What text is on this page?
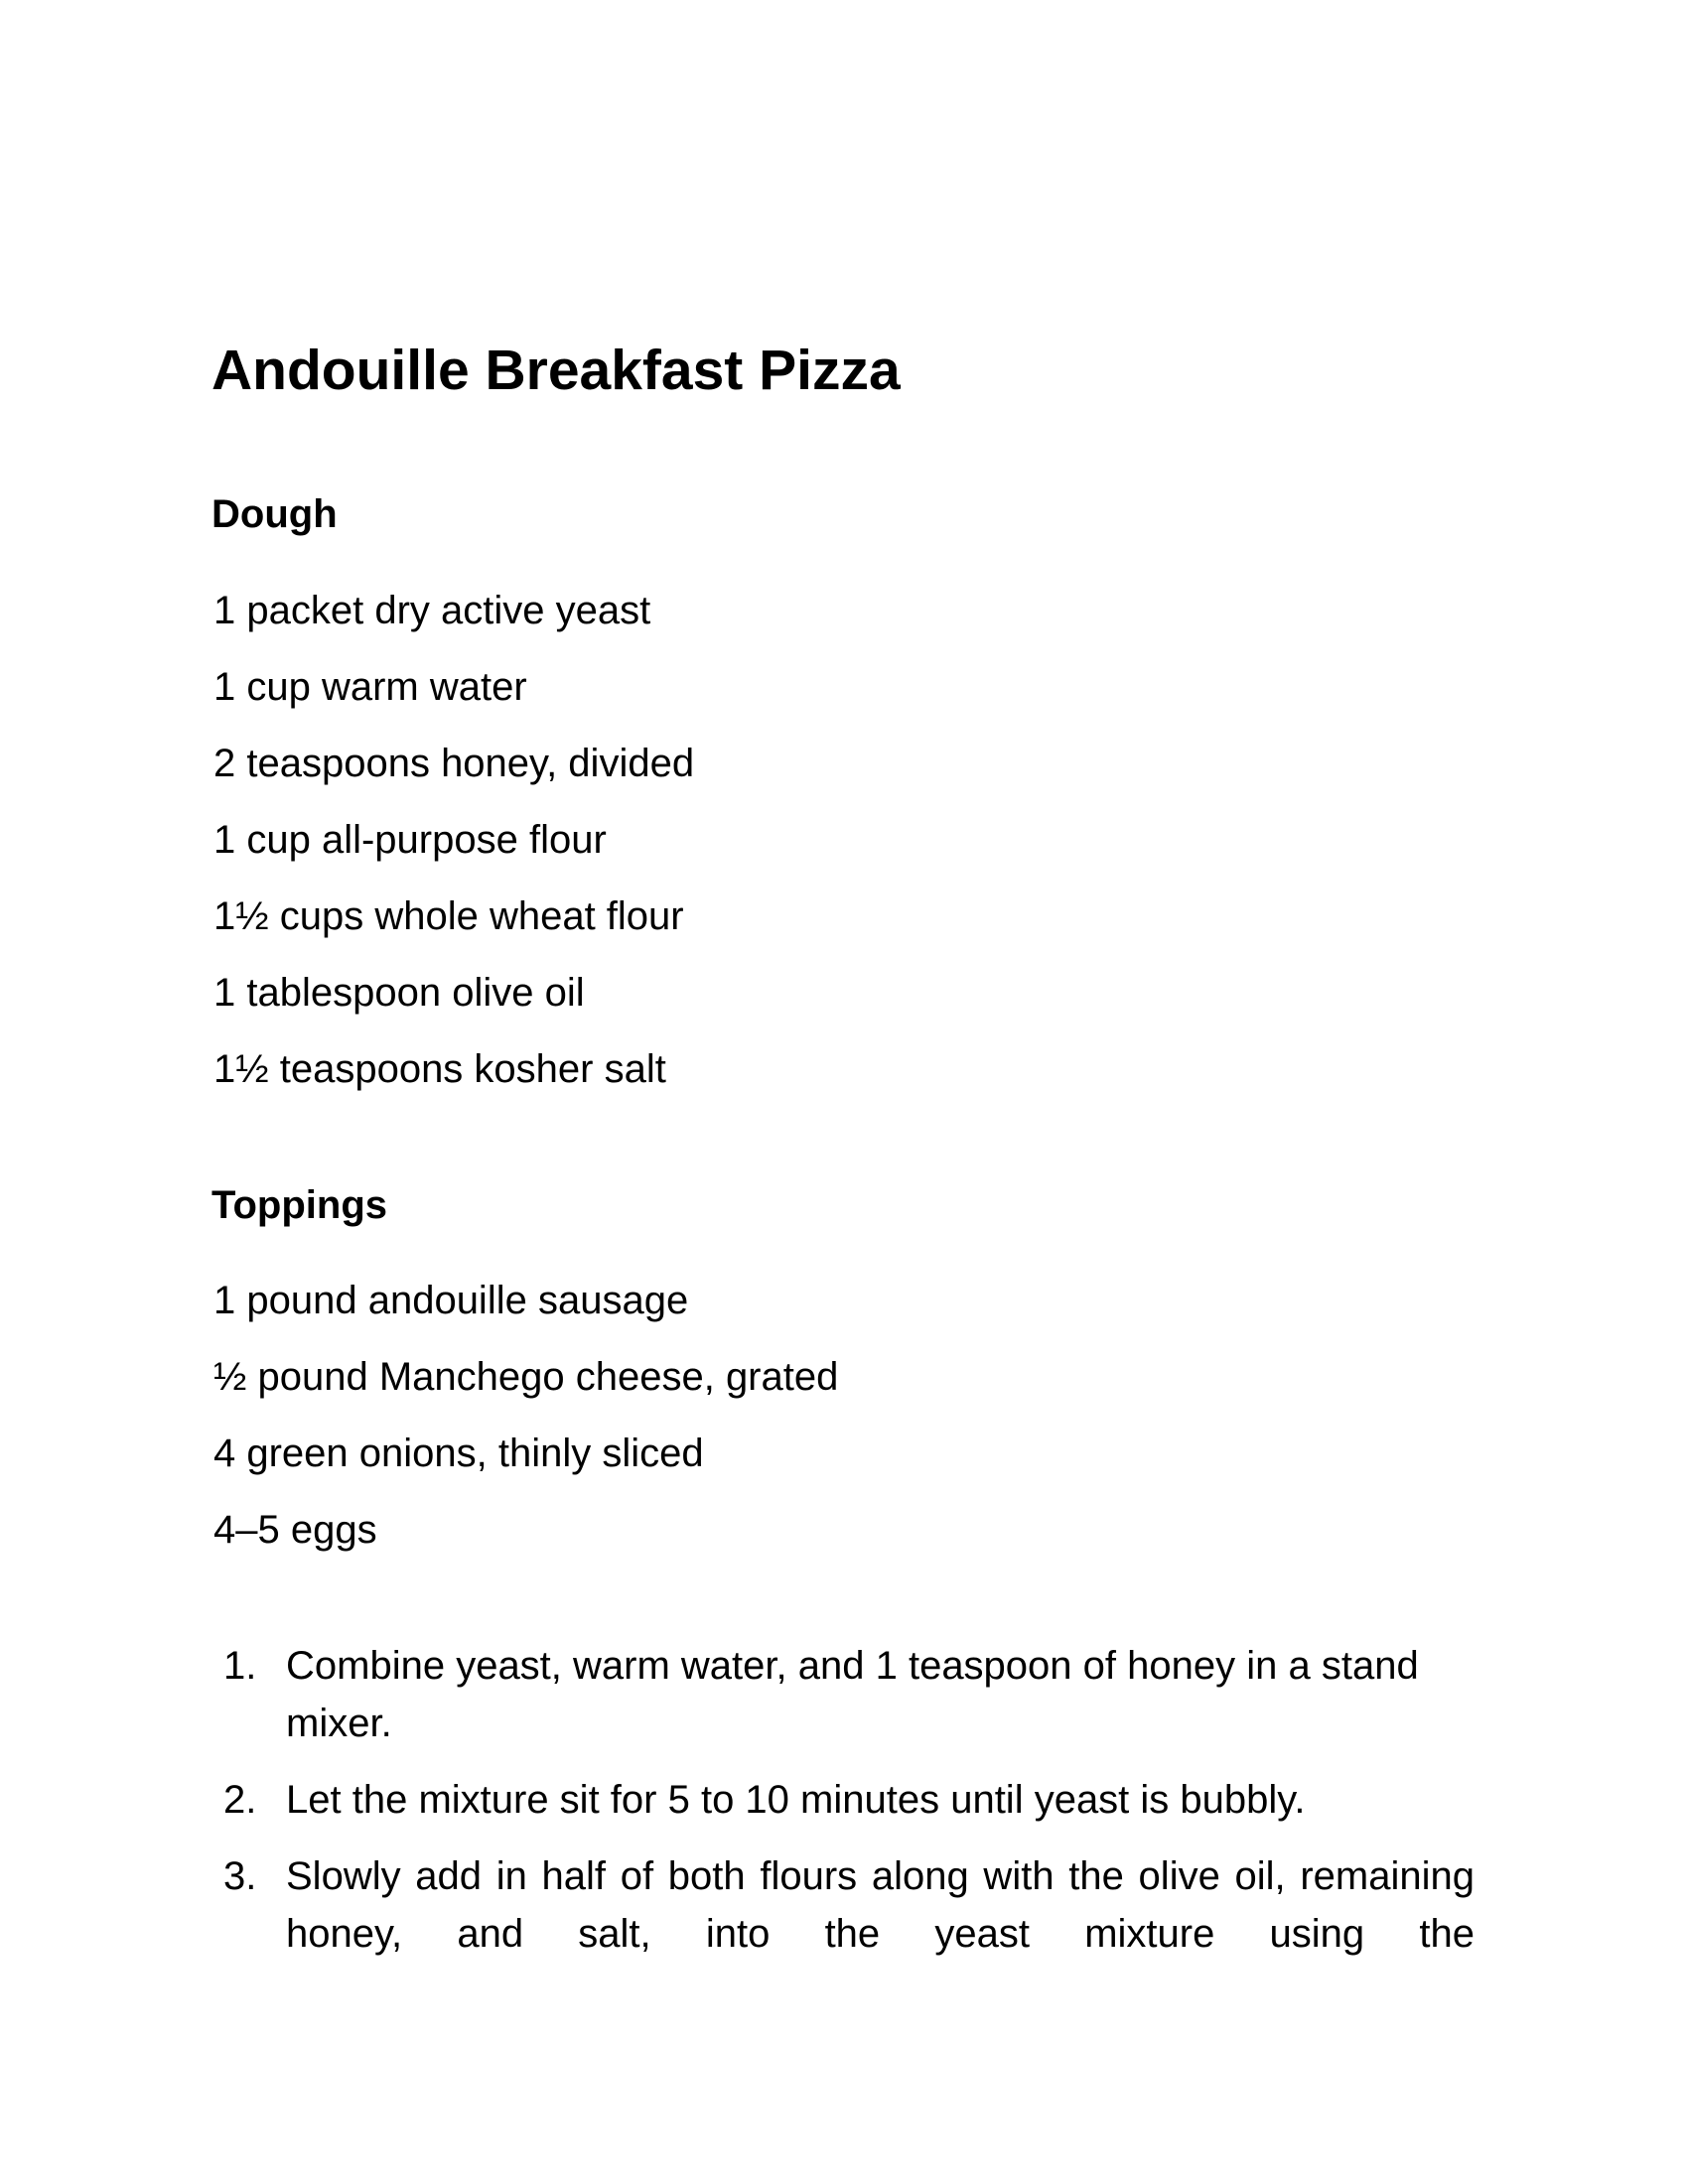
Andouille Breakfast Pizza
Dough
1 packet dry active yeast
1 cup warm water
2 teaspoons honey, divided
1 cup all-purpose flour
1½ cups whole wheat flour
1 tablespoon olive oil
1½ teaspoons kosher salt
Toppings
1 pound andouille sausage
½ pound Manchego cheese, grated
4 green onions, thinly sliced
4–5 eggs
1. Combine yeast, warm water, and 1 teaspoon of honey in a stand mixer.
2. Let the mixture sit for 5 to 10 minutes until yeast is bubbly.
3. Slowly add in half of both flours along with the olive oil, remaining honey, and salt, into the yeast mixture using the
